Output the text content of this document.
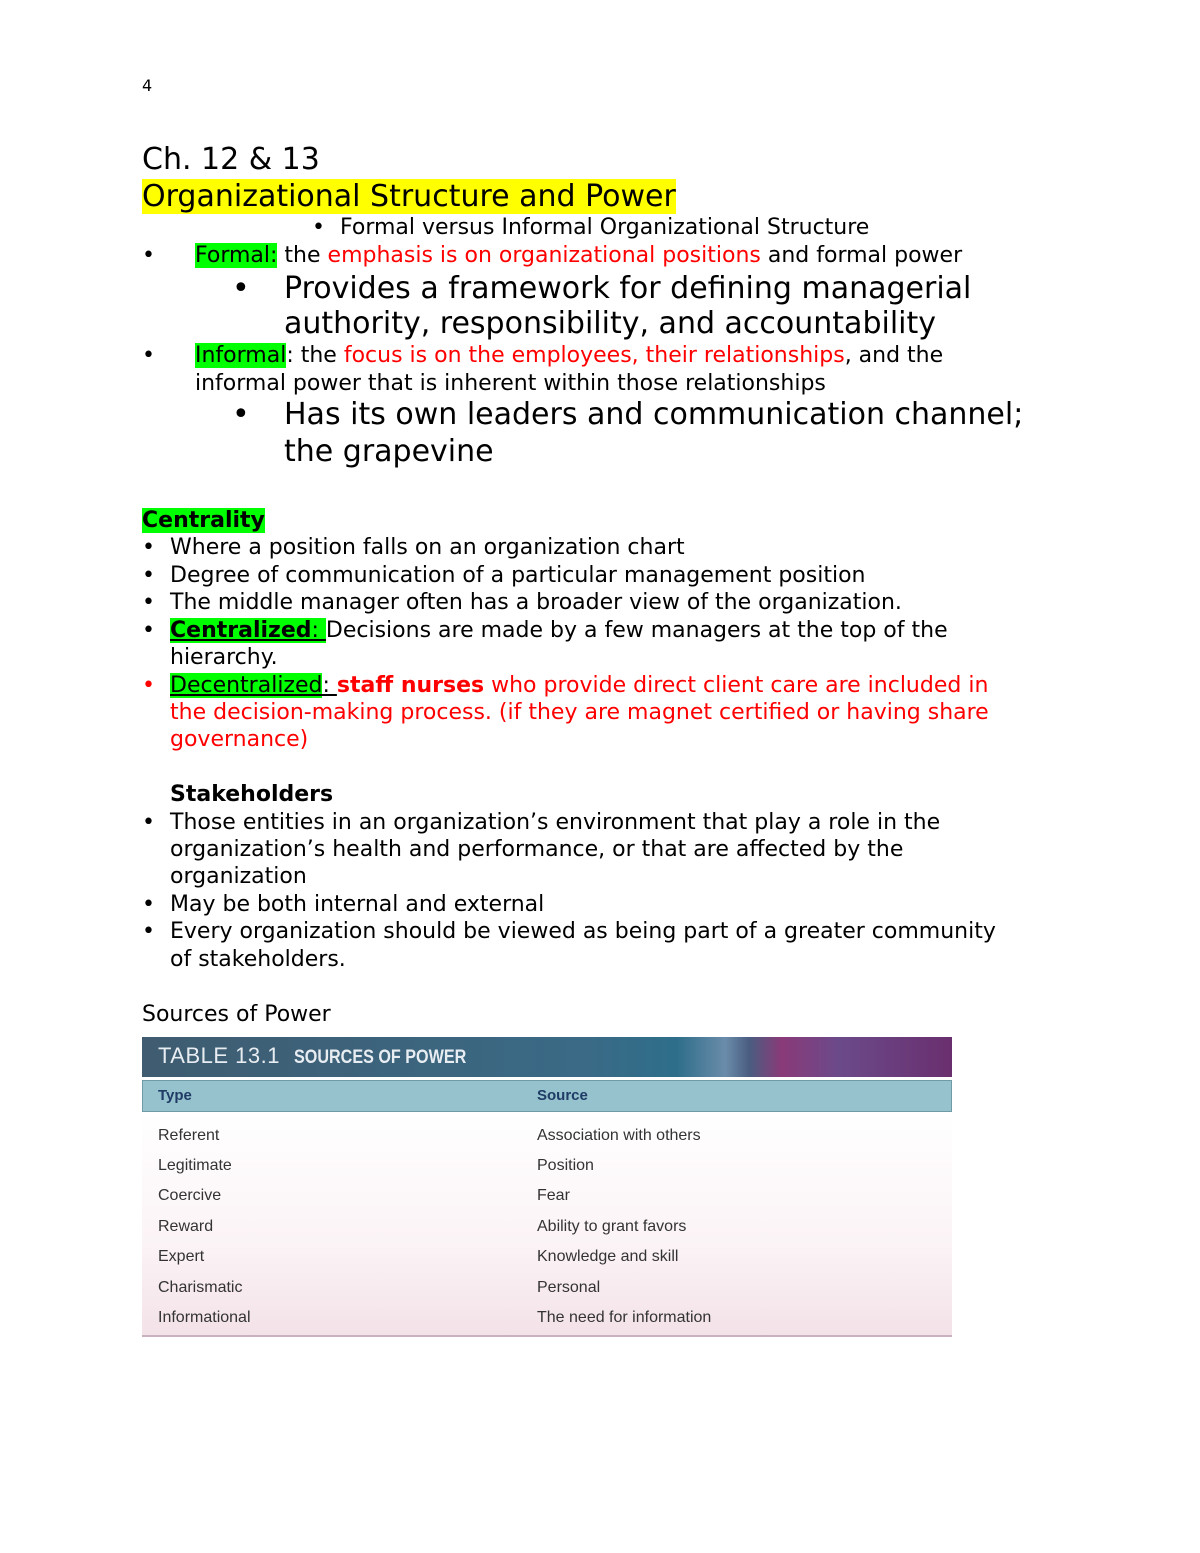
4
Ch. 12 & 13
Organizational Structure and Power
• Formal versus Informal Organizational Structure
• Formal: the emphasis is on organizational positions and formal power
• Provides a framework for defining managerial
authority, responsibility, and accountability
• Informal: the focus is on the employees, their relationships, and the
informal power that is inherent within those relationships
• Has its own leaders and communication channel;
the grapevine
Centrality
• Where a position falls on an organization chart
• Degree of communication of a particular management position
• The middle manager often has a broader view of the organization.
• Centralized: Decisions are made by a few managers at the top of the
hierarchy.
• Decentralized: staff nurses who provide direct client care are included in
the decision-making process. (if they are magnet certified or having share
governance)
Stakeholders
• Those entities in an organization’s environment that play a role in the
organization’s health and performance, or that are affected by the
organization
• May be both internal and external
• Every organization should be viewed as being part of a greater community
of stakeholders.
Sources of Power
TABLE 13.1 SOURCES OF POWER
Type	Source
Referent	Association with others
Legitimate	Position
Coercive	Fear
Reward	Ability to grant favors
Expert	Knowledge and skill
Charismatic	Personal
Informational	The need for information
